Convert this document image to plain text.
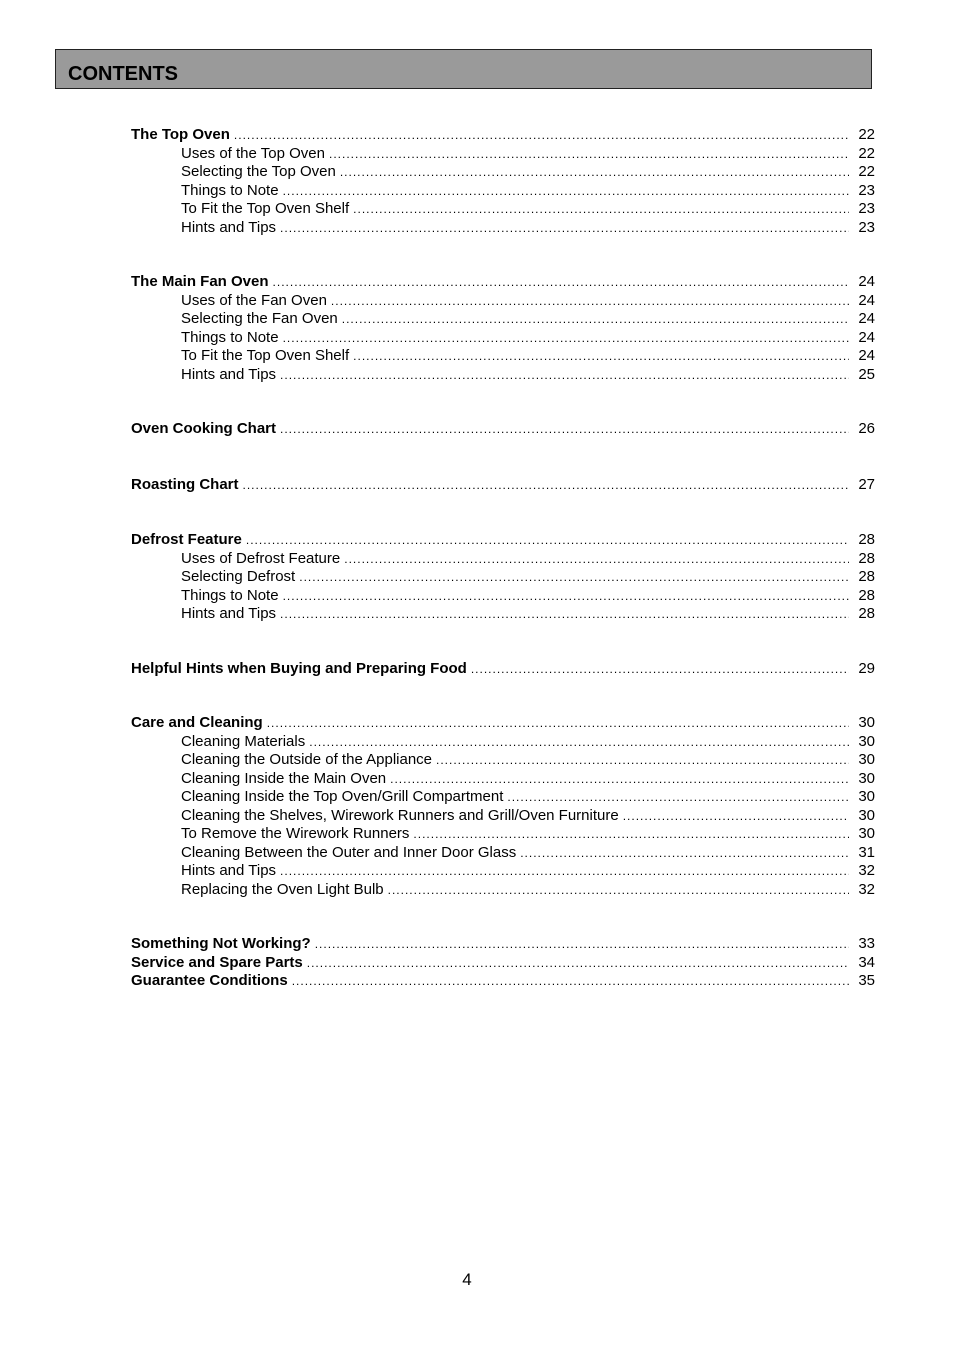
CONTENTS
The Top Oven .....	22
Uses of the Top Oven .....	22
Selecting the Top Oven .....	22
Things to Note .....	23
To Fit the Top Oven Shelf .....	23
Hints and Tips .....	23
The Main Fan Oven .....	24
Uses of the Fan Oven .....	24
Selecting the Fan Oven .....	24
Things to Note .....	24
To Fit the Top Oven Shelf .....	24
Hints and Tips .....	25
Oven Cooking Chart .....	26
Roasting Chart .....	27
Defrost Feature .....	28
Uses of Defrost Feature .....	28
Selecting Defrost .....	28
Things to Note .....	28
Hints and Tips .....	28
Helpful Hints when Buying and Preparing Food .....	29
Care and Cleaning .....	30
Cleaning Materials .....	30
Cleaning the Outside of the Appliance .....	30
Cleaning Inside the Main Oven .....	30
Cleaning Inside the Top Oven/Grill Compartment .....	30
Cleaning the Shelves, Wirework Runners and Grill/Oven Furniture .....	30
To Remove the Wirework Runners .....	30
Cleaning Between the Outer and Inner Door Glass .....	31
Hints and Tips .....	32
Replacing the Oven Light Bulb .....	32
Something Not Working? .....	33
Service and Spare Parts .....	34
Guarantee Conditions .....	35
4
